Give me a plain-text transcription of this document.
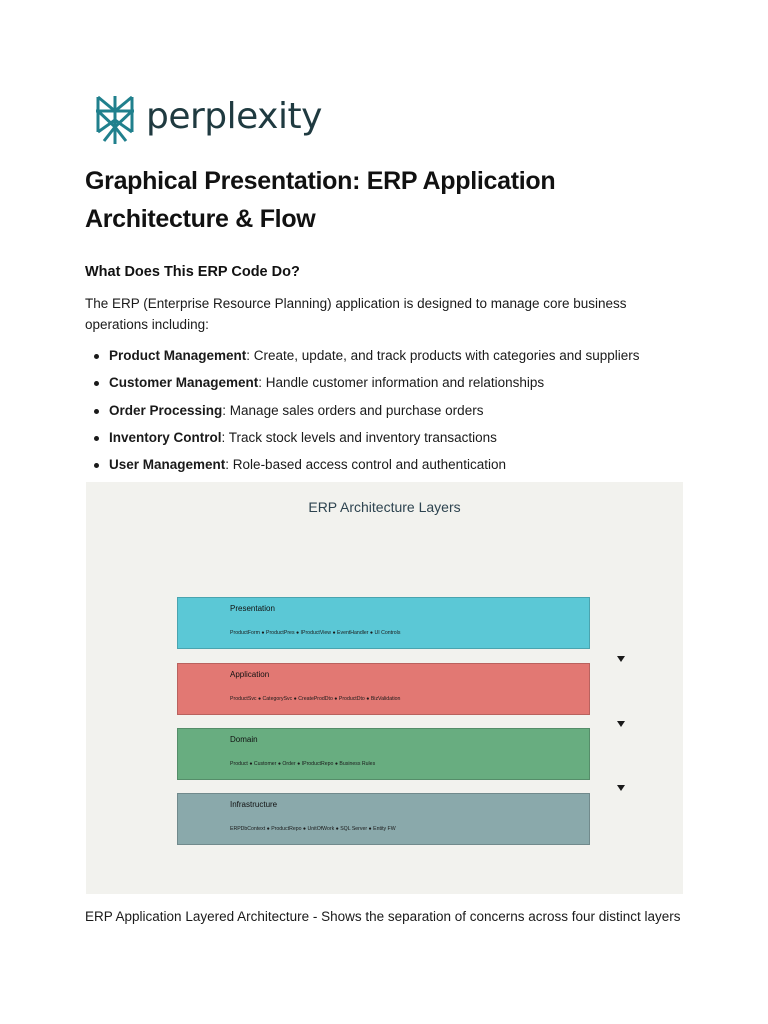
perplexity
Graphical Presentation: ERP Application Architecture & Flow
What Does This ERP Code Do?

The ERP (Enterprise Resource Planning) application is designed to manage core business operations including:

Product Management: Create, update, and track products with categories and suppliers
Customer Management: Handle customer information and relationships
Order Processing: Manage sales orders and purchase orders
Inventory Control: Track stock levels and inventory transactions
User Management: Role-based access control and authentication
ERP Architecture Layers
Presentation
ProductForm ● ProductPres ● IProductView ● EventHandler ● UI Controls
Application
ProductSvc ● CategorySvc ● CreateProdDto ● ProductDto ● BizValidation
Domain
Product ● Customer ● Order ● IProductRepo ● Business Rules
Infrastructure
ERPDbContext ● ProductRepo ● UnitOfWork ● SQL Server ● Entity FW

ERP Application Layered Architecture - Shows the separation of concerns across four distinct layers
